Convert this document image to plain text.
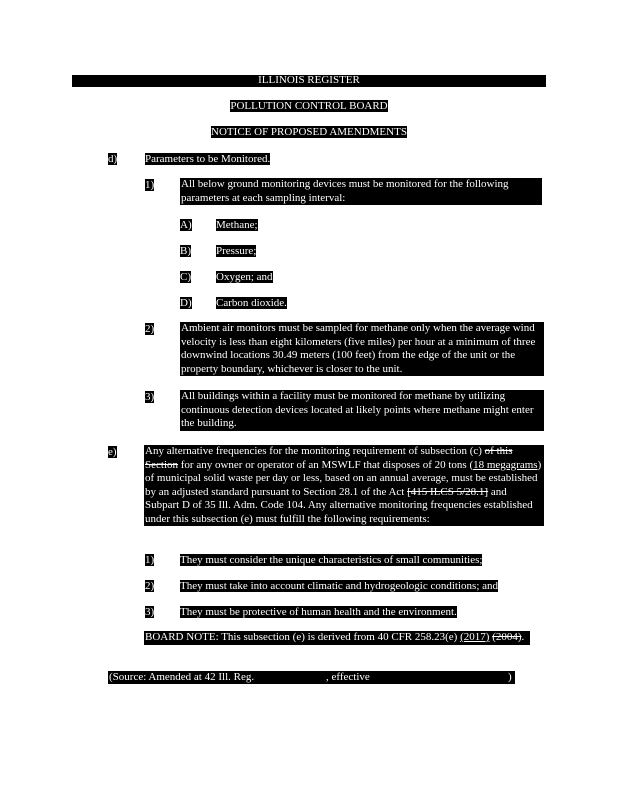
ILLINOIS REGISTER
POLLUTION CONTROL BOARD
NOTICE OF PROPOSED AMENDMENTS
d)	Parameters to be Monitored.
1) All below ground monitoring devices must be monitored for the following parameters at each sampling interval:
A) Methane;
B) Pressure;
C) Oxygen; and
D) Carbon dioxide.
2) Ambient air monitors must be sampled for methane only when the average wind velocity is less than eight kilometers (five miles) per hour at a minimum of three downwind locations 30.49 meters (100 feet) from the edge of the unit or the property boundary, whichever is closer to the unit.
3) All buildings within a facility must be monitored for methane by utilizing continuous detection devices located at likely points where methane might enter the building.
e)	Any alternative frequencies for the monitoring requirement of subsection (c) of this Section for any owner or operator of an MSWLF that disposes of 20 tons (18 megagrams) of municipal solid waste per day or less, based on an annual average, must be established by an adjusted standard pursuant to Section 28.1 of the Act [415 ILCS 5/28.1] and Subpart D of 35 Ill. Adm. Code 104. Any alternative monitoring frequencies established under this subsection (e) must fulfill the following requirements:
1) They must consider the unique characteristics of small communities;
2) They must take into account climatic and hydrogeologic conditions; and
3) They must be protective of human health and the environment.
BOARD NOTE: This subsection (e) is derived from 40 CFR 258.23(e) (2017) (2004).
(Source: Amended at 42 Ill. Reg.	, effective	)
